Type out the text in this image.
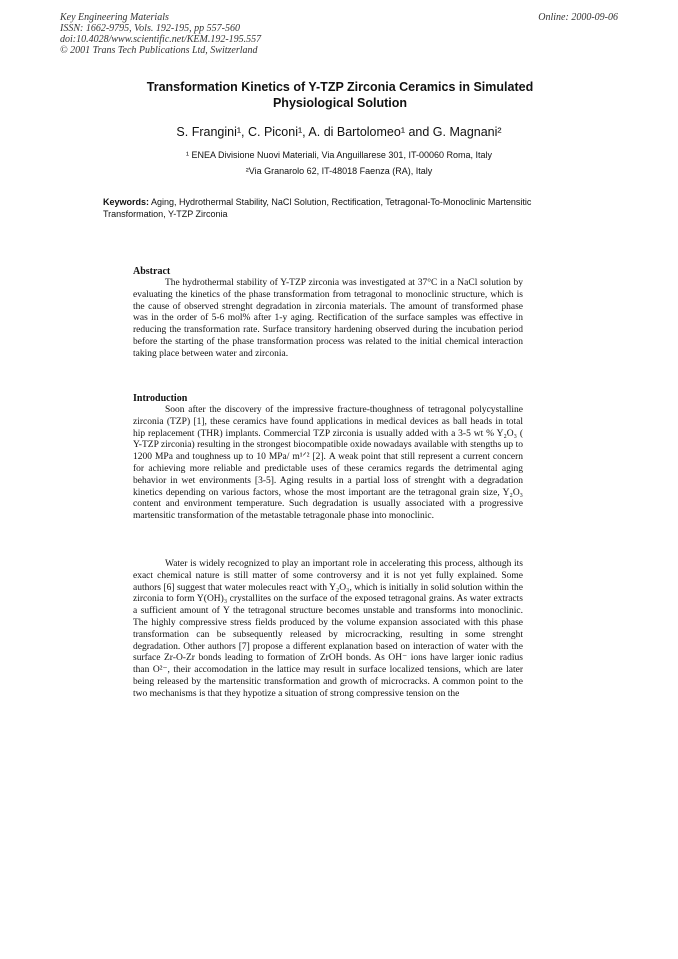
Key Engineering Materials
ISSN: 1662-9795, Vols. 192-195, pp 557-560
doi:10.4028/www.scientific.net/KEM.192-195.557
© 2001 Trans Tech Publications Ltd, Switzerland
Online: 2000-09-06
Transformation Kinetics of Y-TZP Zirconia Ceramics in Simulated Physiological Solution
S. Frangini¹, C. Piconi¹, A. di Bartolomeo¹ and G. Magnani²
¹ ENEA Divisione Nuovi Materiali, Via Anguillarese 301, IT-00060 Roma, Italy
²Via Granarolo 62, IT-48018 Faenza (RA), Italy
Keywords: Aging, Hydrothermal Stability, NaCl Solution, Rectification, Tetragonal-To-Monoclinic Martensitic Transformation, Y-TZP Zirconia
Abstract
The hydrothermal stability of Y-TZP zirconia was investigated at 37°C in a NaCl solution by evaluating the kinetics of the phase transformation from tetragonal to monoclinic structure, which is the cause of observed strenght degradation in zirconia materials. The amount of transformed phase was in the order of 5-6 mol% after 1-y aging. Rectification of the surface samples was effective in reducing the transformation rate. Surface transitory hardening observed during the incubation period before the starting of the phase transformation process was related to the initial chemical interaction taking place between water and zirconia.
Introduction
Soon after the discovery of the impressive fracture-thoughness of tetragonal polycystalline zirconia (TZP) [1], these ceramics have found applications in medical devices as ball heads in total hip replacement (THR) implants. Commercial TZP zirconia is usually added with a 3-5 wt % Y₂O₃ ( Y-TZP zirconia) resulting in the strongest biocompatible oxide nowadays available with stengths up to 1200 MPa and toughness up to 10 MPa/ m¹ᐟ² [2]. A weak point that still represent a current concern for achieving more reliable and predictable uses of these ceramics regards the detrimental aging behavior in wet environments [3-5]. Aging results in a partial loss of strenght with a degradation kinetics depending on various factors, whose the most important are the tetragonal grain size, Y₂O₃ content and environment temperature. Such degradation is usually associated with a progressive martensitic transformation of the metastable tetragonale phase into monoclinic.
Water is widely recognized to play an important role in accelerating this process, although its exact chemical nature is still matter of some controversy and it is not yet fully explained. Some authors [6] suggest that water molecules react with Y₂O₃, which is initially in solid solution within the zirconia to form Y(OH)₃ crystallites on the surface of the exposed tetragonal grains. As water extracts a sufficient amount of Y the tetragonal structure becomes unstable and transforms into monoclinic. The highly compressive stress fields produced by the volume expansion associated with this phase transformation can be subsequently released by microcracking, resulting in some strenght degradation. Other authors [7] propose a different explanation based on interaction of water with the surface Zr-O-Zr bonds leading to formation of ZrOH bonds. As OH⁻ ions have larger ionic radius than O²⁻, their accomodation in the lattice may result in surface localized tensions, which are later being released by the martensitic transformation and growth of microcracks. A common point to the two mechanisms is that they hypotize a situation of strong compressive tension on the
